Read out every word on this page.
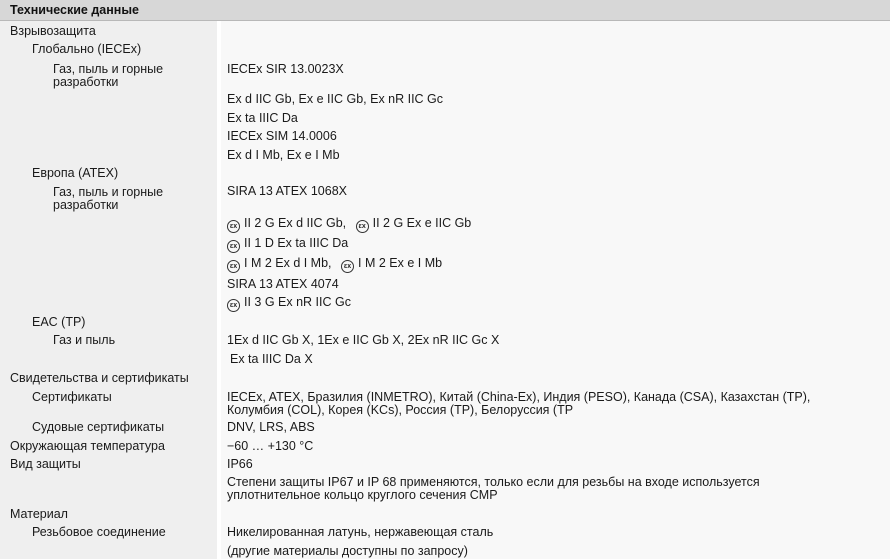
Технические данные
Взрывозащита
Глобально (IECEx)
Газ, пыль и горные
разработки
Европа (ATEX)
Газ, пыль и горные
разработки
EAC (TP)
Газ и пыль
Свидетельства и сертификаты
Сертификаты
Судовые сертификаты
Окружающая температура
Вид защиты
Материал
Резьбовое соединение
IECEx SIR 13.0023X
Ex d IIC Gb, Ex e IIC Gb, Ex nR IIC Gc
Ex ta IIIC Da
IECEx SIM 14.0006
Ex d I Mb, Ex e I Mb
SIRA 13 ATEX 1068X
εx II 2 G Ex d IIC Gb, εx II 2 G Ex e IIC Gb
εx II 1 D Ex ta IIIC Da
εx I M 2 Ex d I Mb, εx I M 2 Ex e I Mb
SIRA 13 ATEX 4074
εx II 3 G Ex nR IIC Gc
1Ex d IIC Gb X, 1Ex e IIC Gb X, 2Ex nR IIC Gc X
Ex ta IIIC Da X
IECEx, ATEX, Бразилия (INMETRO), Китай (China-Ex), Индия (PESO), Канада (CSA), Казахстан (TP),
Колумбия (COL), Корея (KCs), Россия (TP), Белоруссия (TP
DNV, LRS, ABS
−60 … +130 °C
IP66
Степени защиты IP67 и IP 68 применяются, только если для резьбы на входе используется
уплотнительное кольцо круглого сечения CMP
Никелированная латунь, нержавеющая сталь
(другие материалы доступны по запросу)
